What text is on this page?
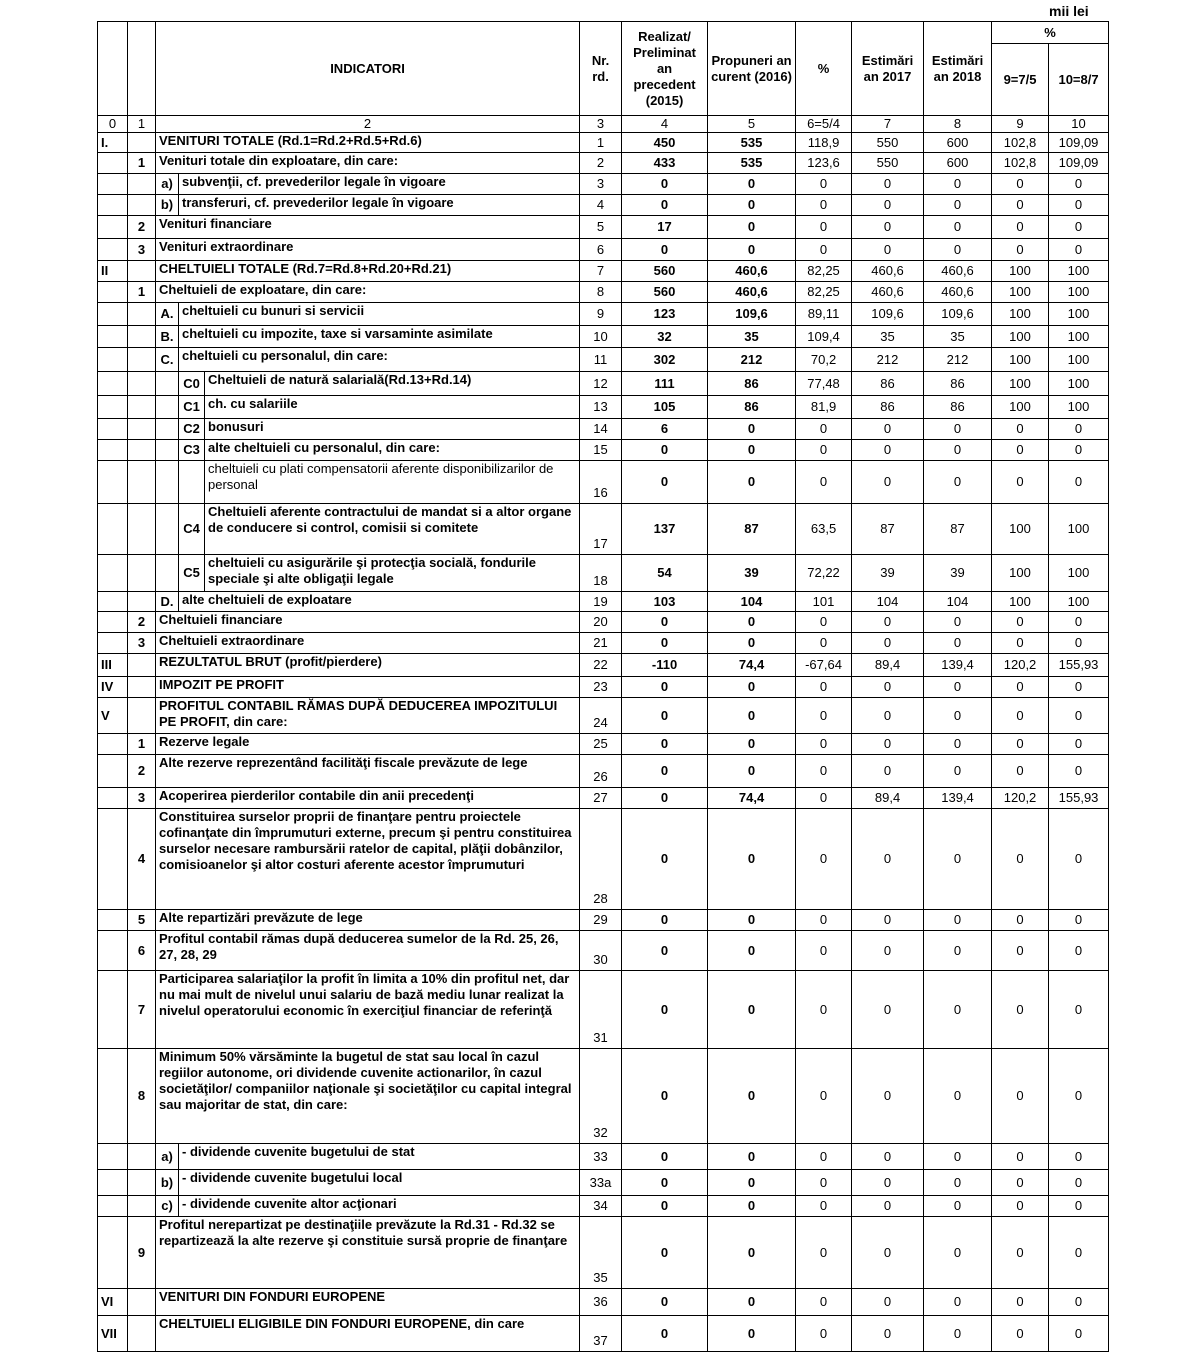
mii lei
		INDICATORI			Nr. rd.	Realizat/ Preliminat an precedent (2015)	Propuneri an curent (2016)	%	Estimări an 2017	Estimări an 2018	%	
											9=7/5	10=8/7
0	1	2			3	4	5	6=5/4	7	8	9	10
I.		VENITURI TOTALE (Rd.1=Rd.2+Rd.5+Rd.6)			1	450	535	118,9	550	600	102,8	109,09
	1	Venituri totale din exploatare, din care:			2	433	535	123,6	550	600	102,8	109,09
		a)	subvenţii, cf. prevederilor legale în vigoare		3	0	0	0	0	0	0	0
		b)	transferuri, cf. prevederilor legale în vigoare		4	0	0	0	0	0	0	0
	2	Venituri financiare			5	17	0	0	0	0	0	0
	3	Venituri extraordinare			6	0	0	0	0	0	0	0
II		CHELTUIELI TOTALE (Rd.7=Rd.8+Rd.20+Rd.21)			7	560	460,6	82,25	460,6	460,6	100	100
	1	Cheltuieli de exploatare, din care:			8	560	460,6	82,25	460,6	460,6	100	100
		A.	cheltuieli cu bunuri si servicii		9	123	109,6	89,11	109,6	109,6	100	100
		B.	cheltuieli cu impozite, taxe si varsaminte asimilate		10	32	35	109,4	35	35	100	100
		C.	cheltuieli cu personalul, din care:		11	302	212	70,2	212	212	100	100
			C0	Cheltuieli de natură salarială(Rd.13+Rd.14)	12	111	86	77,48	86	86	100	100
			C1	ch. cu salariile	13	105	86	81,9	86	86	100	100
			C2	bonusuri	14	6	0	0	0	0	0	0
			C3	alte cheltuieli cu personalul, din care:	15	0	0	0	0	0	0	0
				cheltuieli cu plati compensatorii aferente disponibilizarilor de personal	16	0	0	0	0	0	0	0
			C4	Cheltuieli aferente contractului de mandat si a altor organe de conducere si control, comisii si comitete	17	137	87	63,5	87	87	100	100
			C5	cheltuieli cu asigurările şi protecţia socială, fondurile speciale şi alte obligaţii legale	18	54	39	72,22	39	39	100	100
		D.	alte cheltuieli de exploatare		19	103	104	101	104	104	100	100
	2	Cheltuieli financiare			20	0	0	0	0	0	0	0
	3	Cheltuieli extraordinare			21	0	0	0	0	0	0	0
III		REZULTATUL BRUT (profit/pierdere)			22	-110	74,4	-67,64	89,4	139,4	120,2	155,93
IV		IMPOZIT PE PROFIT			23	0	0	0	0	0	0	0
V		PROFITUL CONTABIL RĂMAS DUPĂ DEDUCEREA IMPOZITULUI PE PROFIT, din care:			24	0	0	0	0	0	0	0
	1	Rezerve legale			25	0	0	0	0	0	0	0
	2	Alte rezerve reprezentând facilităţi fiscale prevăzute de lege			26	0	0	0	0	0	0	0
	3	Acoperirea pierderilor contabile din anii precedenţi			27	0	74,4	0	89,4	139,4	120,2	155,93
	4	Constituirea surselor proprii de finanţare pentru proiectele cofinanţate din împrumuturi externe, precum şi pentru constituirea surselor necesare rambursării ratelor de capital, plăţii dobânzilor, comisioanelor şi altor costuri aferente acestor împrumuturi			28	0	0	0	0	0	0	0
	5	Alte repartizări prevăzute de lege			29	0	0	0	0	0	0	0
	6	Profitul contabil rămas după deducerea sumelor de la Rd. 25, 26, 27, 28, 29			30	0	0	0	0	0	0	0
	7	Participarea salariaţilor la profit în limita a 10% din profitul net, dar nu mai mult de nivelul unui salariu de bază mediu lunar realizat la nivelul operatorului economic în exerciţiul financiar de referinţă			31	0	0	0	0	0	0	0
	8	Minimum 50% vărsăminte la bugetul de stat sau local în cazul regiilor autonome, ori dividende cuvenite actionarilor, în cazul societăţilor/ companiilor naţionale şi societăţilor cu capital integral sau majoritar de stat, din care:			32	0	0	0	0	0	0	0
		a)	- dividende cuvenite bugetului de stat		33	0	0	0	0	0	0	0
		b)	- dividende cuvenite bugetului local		33a	0	0	0	0	0	0	0
		c)	- dividende cuvenite altor acţionari		34	0	0	0	0	0	0	0
	9	Profitul nerepartizat pe destinaţiile prevăzute la Rd.31 - Rd.32 se repartizează la alte rezerve şi constituie sursă proprie de finanţare			35	0	0	0	0	0	0	0
VI		VENITURI DIN FONDURI EUROPENE			36	0	0	0	0	0	0	0
VII		CHELTUIELI ELIGIBILE DIN FONDURI EUROPENE, din care			37	0	0	0	0	0	0	0
